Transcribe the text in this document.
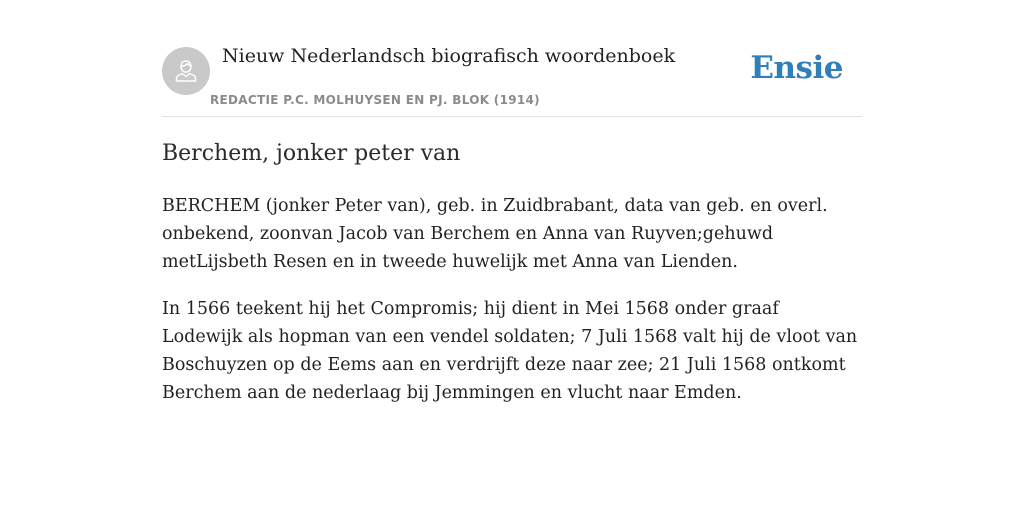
Nieuw Nederlandsch biografisch woordenboek
REDACTIE P.C. MOLHUYSEN EN PJ. BLOK (1914)
Ensie
Berchem, jonker peter van

BERCHEM (jonker Peter van), geb. in Zuidbrabant, data van geb. en overl. onbekend, zoonvan Jacob van Berchem en Anna van Ruyven;gehuwd metLijsbeth Resen en in tweede huwelijk met Anna van Lienden.

In 1566 teekent hij het Compromis; hij dient in Mei 1568 onder graaf Lodewijk als hopman van een vendel soldaten; 7 Juli 1568 valt hij de vloot van Boschuyzen op de Eems aan en verdrijft deze naar zee; 21 Juli 1568 ontkomt Berchem aan de nederlaag bij Jemmingen en vlucht naar Emden.
